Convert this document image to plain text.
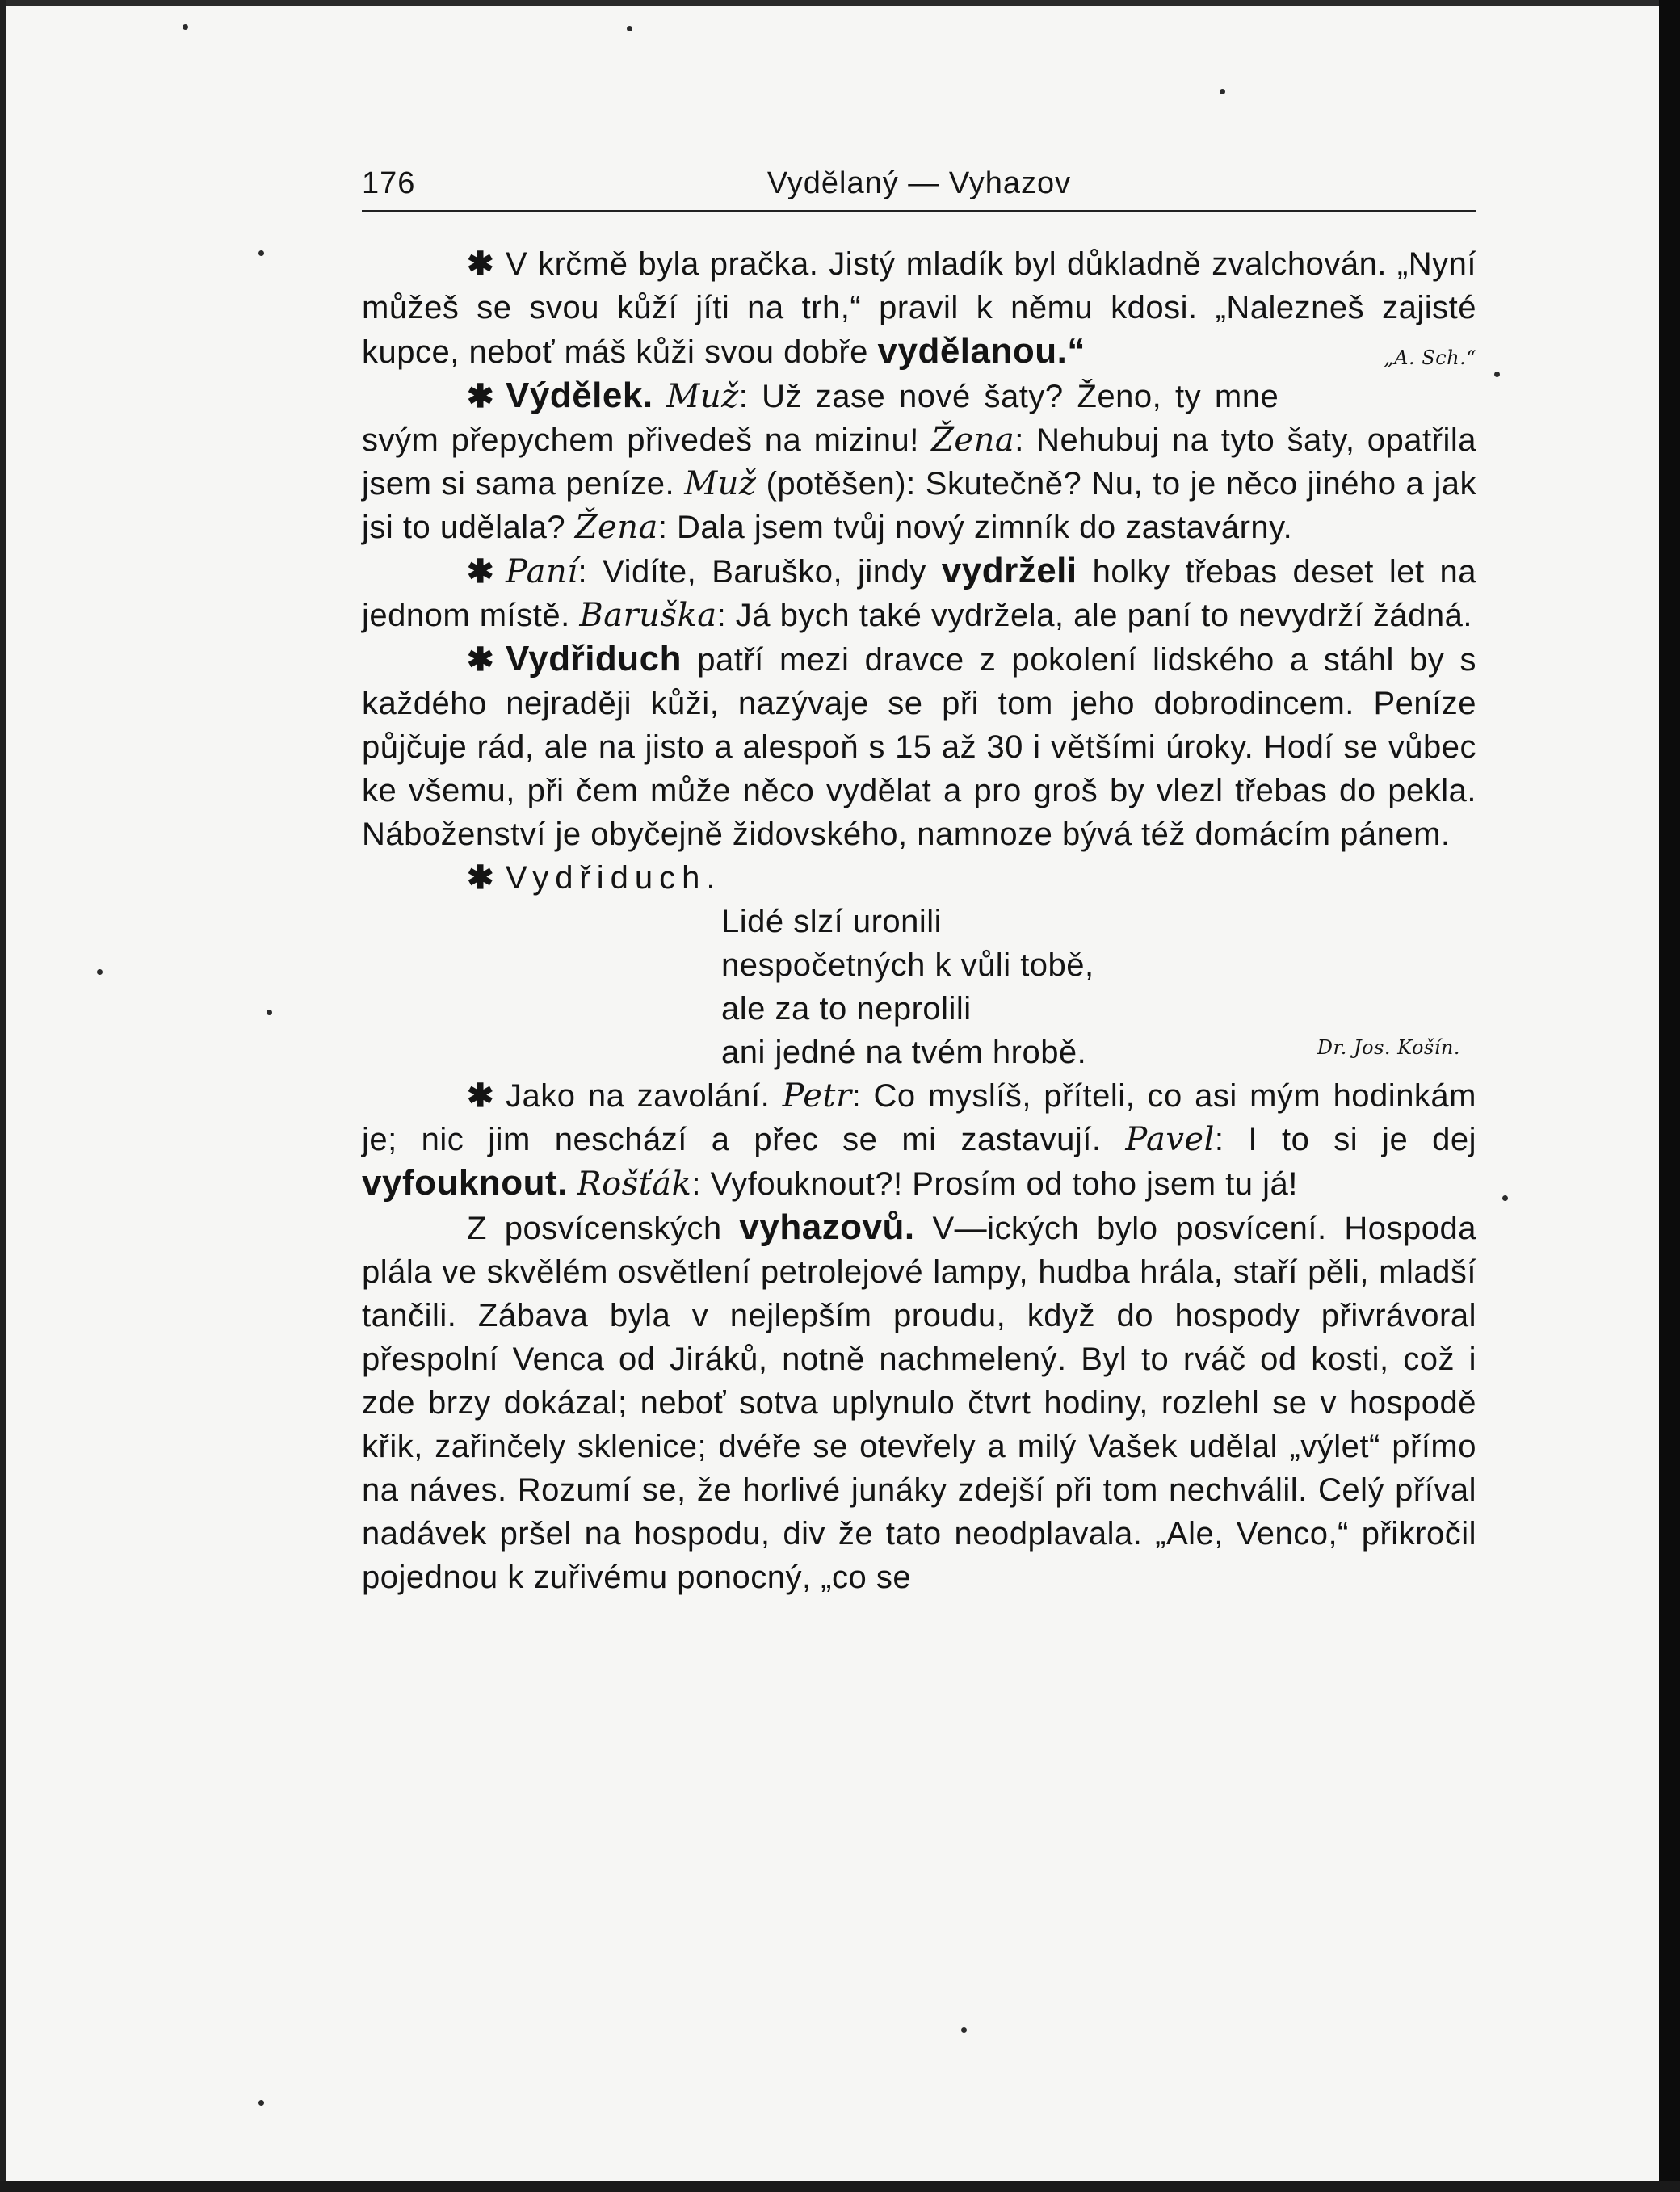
176	Vydělaný — Vyhazov

✱ V krčmě byla pračka. Jistý mladík byl důkladně zvalchován. „Nyní můžeš se svou kůží jíti na trh,“ pravil k němu kdosi. „Nalezneš zajisté kupce, neboť máš kůži svou dobře vydělanou.“	„A. Sch.“

✱ Výdělek. Muž: Už zase nové šaty? Ženo, ty mne svým přepychem přivedeš na mizinu! Žena: Nehubuj na tyto šaty, opatřila jsem si sama peníze. Muž (potěšen): Skutečně? Nu, to je něco jiného a jak jsi to udělala? Žena: Dala jsem tvůj nový zimník do zastavárny.

✱ Paní: Vidíte, Baruško, jindy vydrželi holky třebas deset let na jednom místě. Baruška: Já bych také vydržela, ale paní to nevydrží žádná.

✱ Vydřiduch patří mezi dravce z pokolení lidského a stáhl by s každého nejraději kůži, nazývaje se při tom jeho dobrodincem. Peníze půjčuje rád, ale na jisto a alespoň s 15 až 30 i většími úroky. Hodí se vůbec ke všemu, při čem může něco vydělat a pro groš by vlezl třebas do pekla. Náboženství je obyčejně židovského, namnoze bývá též domácím pánem.

✱ Vydřiduch.

Lidé slzí uronili
nespočetných k vůli tobě,
ale za to neprolili
ani jedné na tvém hrobě.	Dr. Jos. Košín.

✱ Jako na zavolání. Petr: Co myslíš, příteli, co asi mým hodinkám je; nic jim neschází a přec se mi zastavují. Pavel: I to si je dej vyfouknout. Rošťák: Vyfouknout?! Prosím od toho jsem tu já!

Z posvícenských vyhazovů. V—ických bylo posvícení. Hospoda plála ve skvělém osvětlení petrolejové lampy, hudba hrála, staří pěli, mladší tančili. Zábava byla v nejlepším proudu, když do hospody přivrávoral přespolní Venca od Jiráků, notně nachmelený. Byl to rváč od kosti, což i zde brzy dokázal; neboť sotva uplynulo čtvrt hodiny, rozlehl se v hospodě křik, zařinčely sklenice; dvéře se otevřely a milý Vašek udělal „výlet“ přímo na náves. Rozumí se, že horlivé junáky zdejší při tom nechválil. Celý příval nadávek pršel na hospodu, div že tato neodplavala. „Ale, Venco,“ přikročil pojednou k zuřivému ponocný, „co se
